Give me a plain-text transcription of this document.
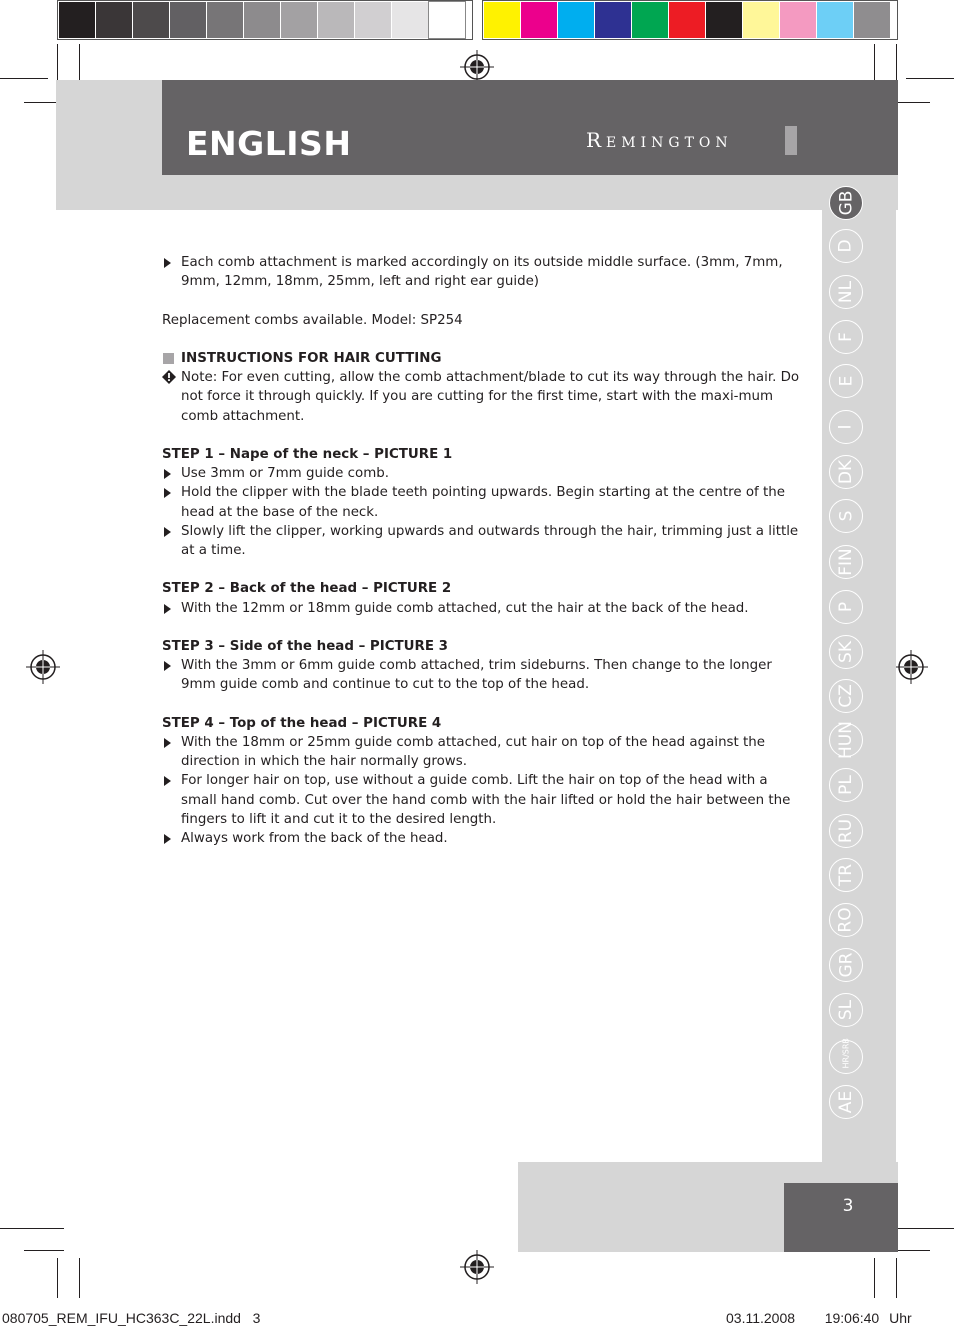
ENGLISH	Remington
GB
D
NL
F
E
I
DK
S
FIN
P
SK
CZ
HUN
PL
RU
TR
RO
GR
SL
HR/SRB
AE

Each comb attachment is marked accordingly on its outside middle surface. (3mm, 7mm, 9mm, 12mm, 18mm, 25mm, left and right ear guide)

Replacement combs available. Model: SP254

INSTRUCTIONS FOR HAIR CUTTING

Note: For even cutting, allow the comb attachment/blade to cut its way through the hair. Do not force it through quickly. If you are cutting for the first time, start with the maxi-mum comb attachment.

STEP 1 – Nape of the neck – PICTURE 1

Use 3mm or 7mm guide comb.

Hold the clipper with the blade teeth pointing upwards. Begin starting at the centre of the head at the base of the neck.

Slowly lift the clipper, working upwards and outwards through the hair, trimming just a little at a time.

STEP 2 – Back of the head – PICTURE 2

With the 12mm or 18mm guide comb attached, cut the hair at the back of the head.

STEP 3 – Side of the head – PICTURE 3

With the 3mm or 6mm guide comb attached, trim sideburns. Then change to the longer 9mm guide comb and continue to cut to the top of the head.

STEP 4 – Top of the head – PICTURE 4

With the 18mm or 25mm guide comb attached, cut hair on top of the head against the direction in which the hair normally grows.

For longer hair on top, use without a guide comb. Lift the hair on top of the head with a small hand comb. Cut over the hand comb with the hair lifted or hold the hair between the fingers to lift it and cut it to the desired length.

Always work from the back of the head.

3
080705_REM_IFU_HC363C_22L.indd   3	03.11.2008   19:06:40 Uhr
